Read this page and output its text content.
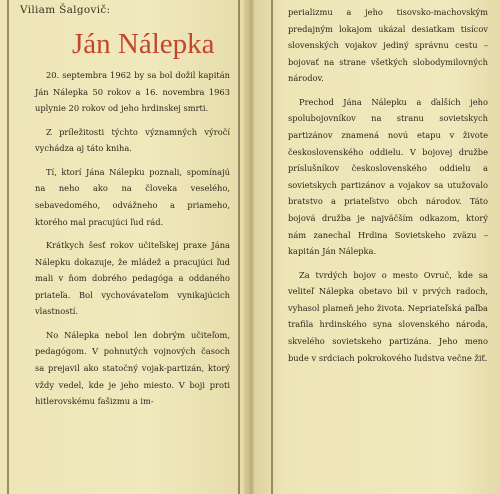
Viliam Šalgovič:

Ján Nálepka

20. septembra 1962 by sa bol dožil kapitán Ján Nálepka 50 rokov a 16. novembra 1963 uplynie 20 rokov od jeho hrdinskej smrti.

Z príležitosti týchto významných výročí vychádza aj táto kniha.

Tí, ktorí Jána Nálepku poznali, spomínajú na neho ako na človeka veselého, sebavedomého, odvážneho a priameho, ktorého mal pracujúci ľud rád.

Krátkych šesť rokov učiteľskej praxe Jána Nálepku dokazuje, že mládež a pracujúci ľud mali v ňom dobrého pedagóga a oddaného priateľa. Bol vychovávateľom vynikajúcich vlastností.

No Nálepka nebol len dobrým učiteľom, pedagógom. V pohnutých vojnových časoch sa prejavil ako statočný vojak-partizán, ktorý vždy vedel, kde je jeho miesto. V boji proti hitlerovskému fašizmu a im-

perializmu a jeho tisovsko-machovským predajným lokajom ukázal desiatkam tisícov slovenských vojakov jediný správnu cestu – bojovať na strane všetkých slobodymilovných národov.

Prechod Jána Nálepku a ďalších jeho spolubojovníkov na stranu sovietskych partizánov znamená novú etapu v živote československého oddielu. V bojovej družbe príslušníkov československého oddielu a sovietskych partizánov a vojakov sa utužovalo bratstvo a priateľstvo obch národov. Táto bojová družba je najväčším odkazom, ktorý nám zanechal Hrdina Sovietskeho zväzu – kapitán Ján Nálepka.

Za tvrdých bojov o mesto Ovruč, kde sa veliteľ Nálepka obetavo bil v prvých radoch, vyhasol plameň jeho života. Nepriateľská paľba trafila hrdinského syna slovenského národa, skvelého sovietskeho partizána. Jeho meno bude v srdciach pokrokového ľudstva večne žiť.
